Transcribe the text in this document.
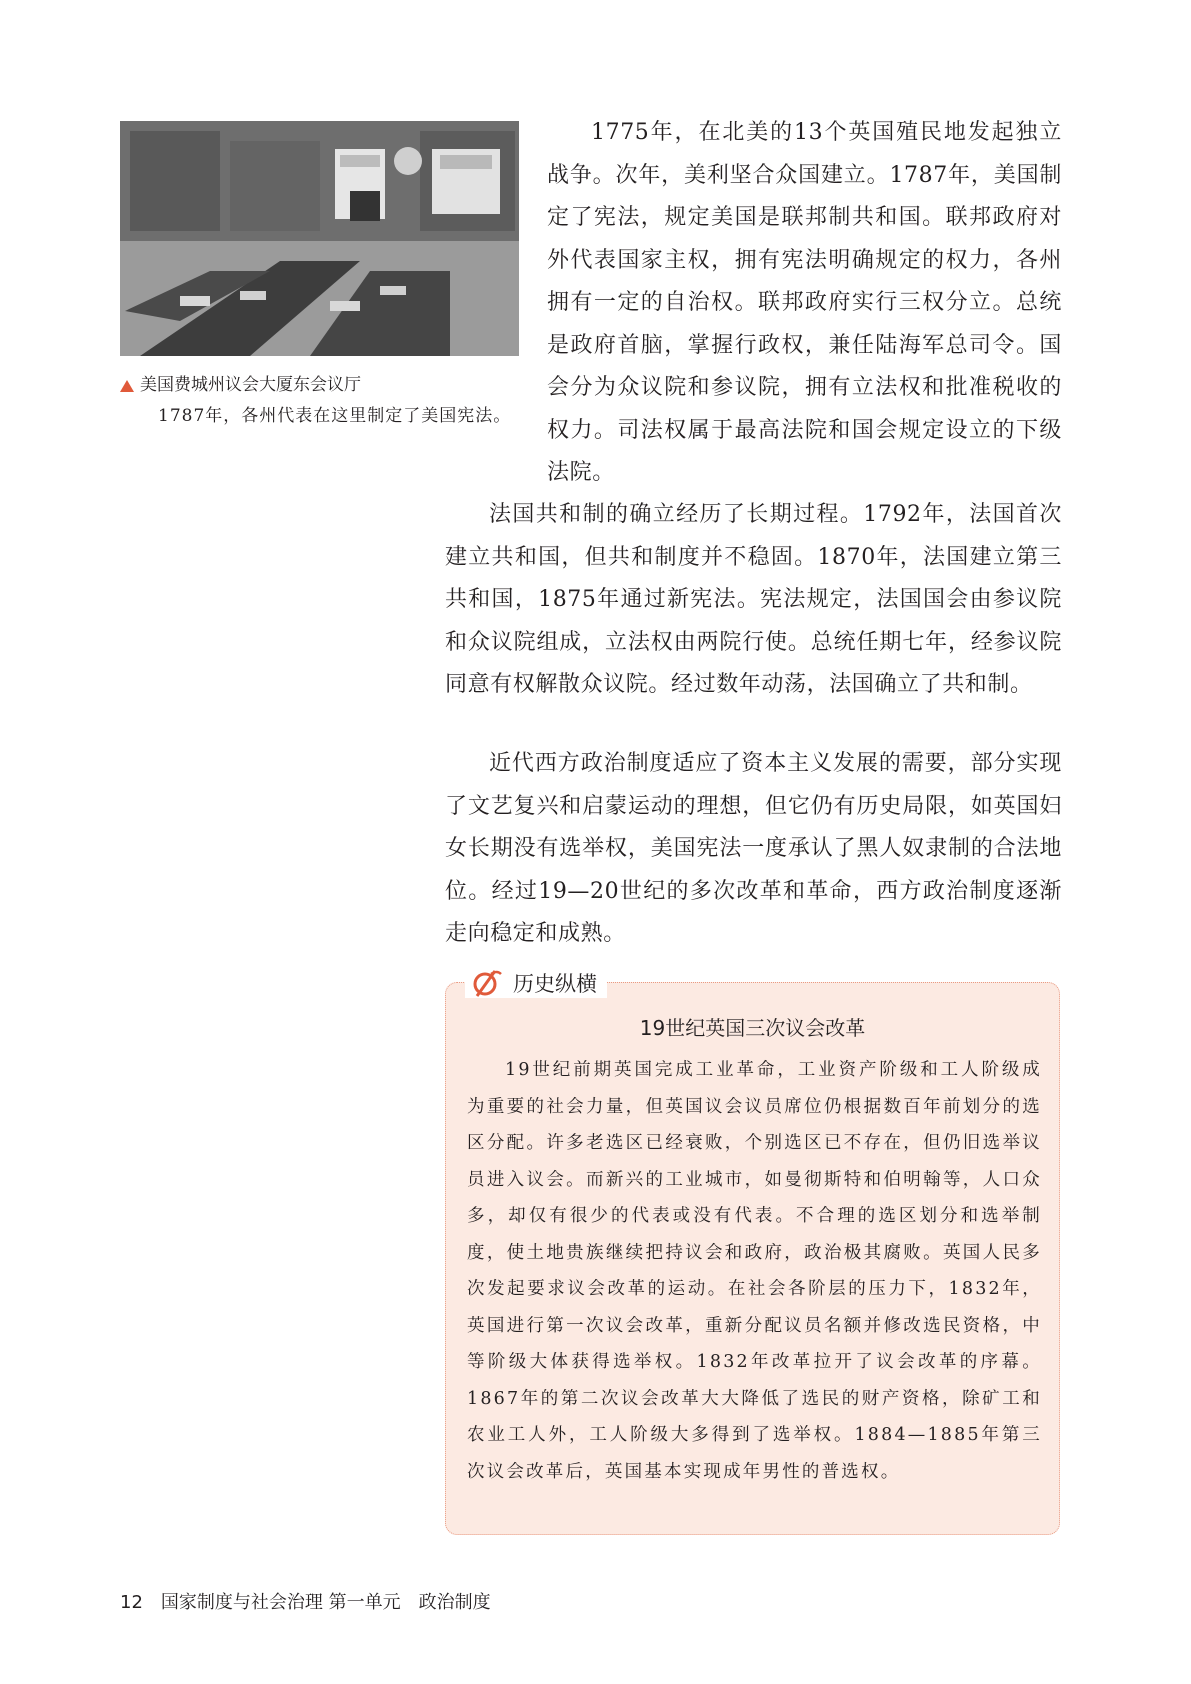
美国费城州议会大厦东会议厅
1787年，各州代表在这里制定了美国宪法。

1775年，在北美的13个英国殖民地发起独立战争。次年，美利坚合众国建立。1787年，美国制定了宪法，规定美国是联邦制共和国。联邦政府对外代表国家主权，拥有宪法明确规定的权力，各州拥有一定的自治权。联邦政府实行三权分立。总统是政府首脑，掌握行政权，兼任陆海军总司令。国会分为众议院和参议院，拥有立法权和批准税收的权力。司法权属于最高法院和国会规定设立的下级法院。

法国共和制的确立经历了长期过程。1792年，法国首次建立共和国，但共和制度并不稳固。1870年，法国建立第三共和国，1875年通过新宪法。宪法规定，法国国会由参议院和众议院组成，立法权由两院行使。总统任期七年，经参议院同意有权解散众议院。经过数年动荡，法国确立了共和制。

近代西方政治制度适应了资本主义发展的需要，部分实现了文艺复兴和启蒙运动的理想，但它仍有历史局限，如英国妇女长期没有选举权，美国宪法一度承认了黑人奴隶制的合法地位。经过19—20世纪的多次改革和革命，西方政治制度逐渐走向稳定和成熟。

历史纵横
19世纪英国三次议会改革

19世纪前期英国完成工业革命，工业资产阶级和工人阶级成为重要的社会力量，但英国议会议员席位仍根据数百年前划分的选区分配。许多老选区已经衰败，个别选区已不存在，但仍旧选举议员进入议会。而新兴的工业城市，如曼彻斯特和伯明翰等，人口众多，却仅有很少的代表或没有代表。不合理的选区划分和选举制度，使土地贵族继续把持议会和政府，政治极其腐败。英国人民多次发起要求议会改革的运动。在社会各阶层的压力下，1832年，英国进行第一次议会改革，重新分配议员名额并修改选民资格，中等阶级大体获得选举权。1832年改革拉开了议会改革的序幕。1867年的第二次议会改革大大降低了选民的财产资格，除矿工和农业工人外，工人阶级大多得到了选举权。1884—1885年第三次议会改革后，英国基本实现成年男性的普选权。

12 国家制度与社会治理 第一单元　政治制度
